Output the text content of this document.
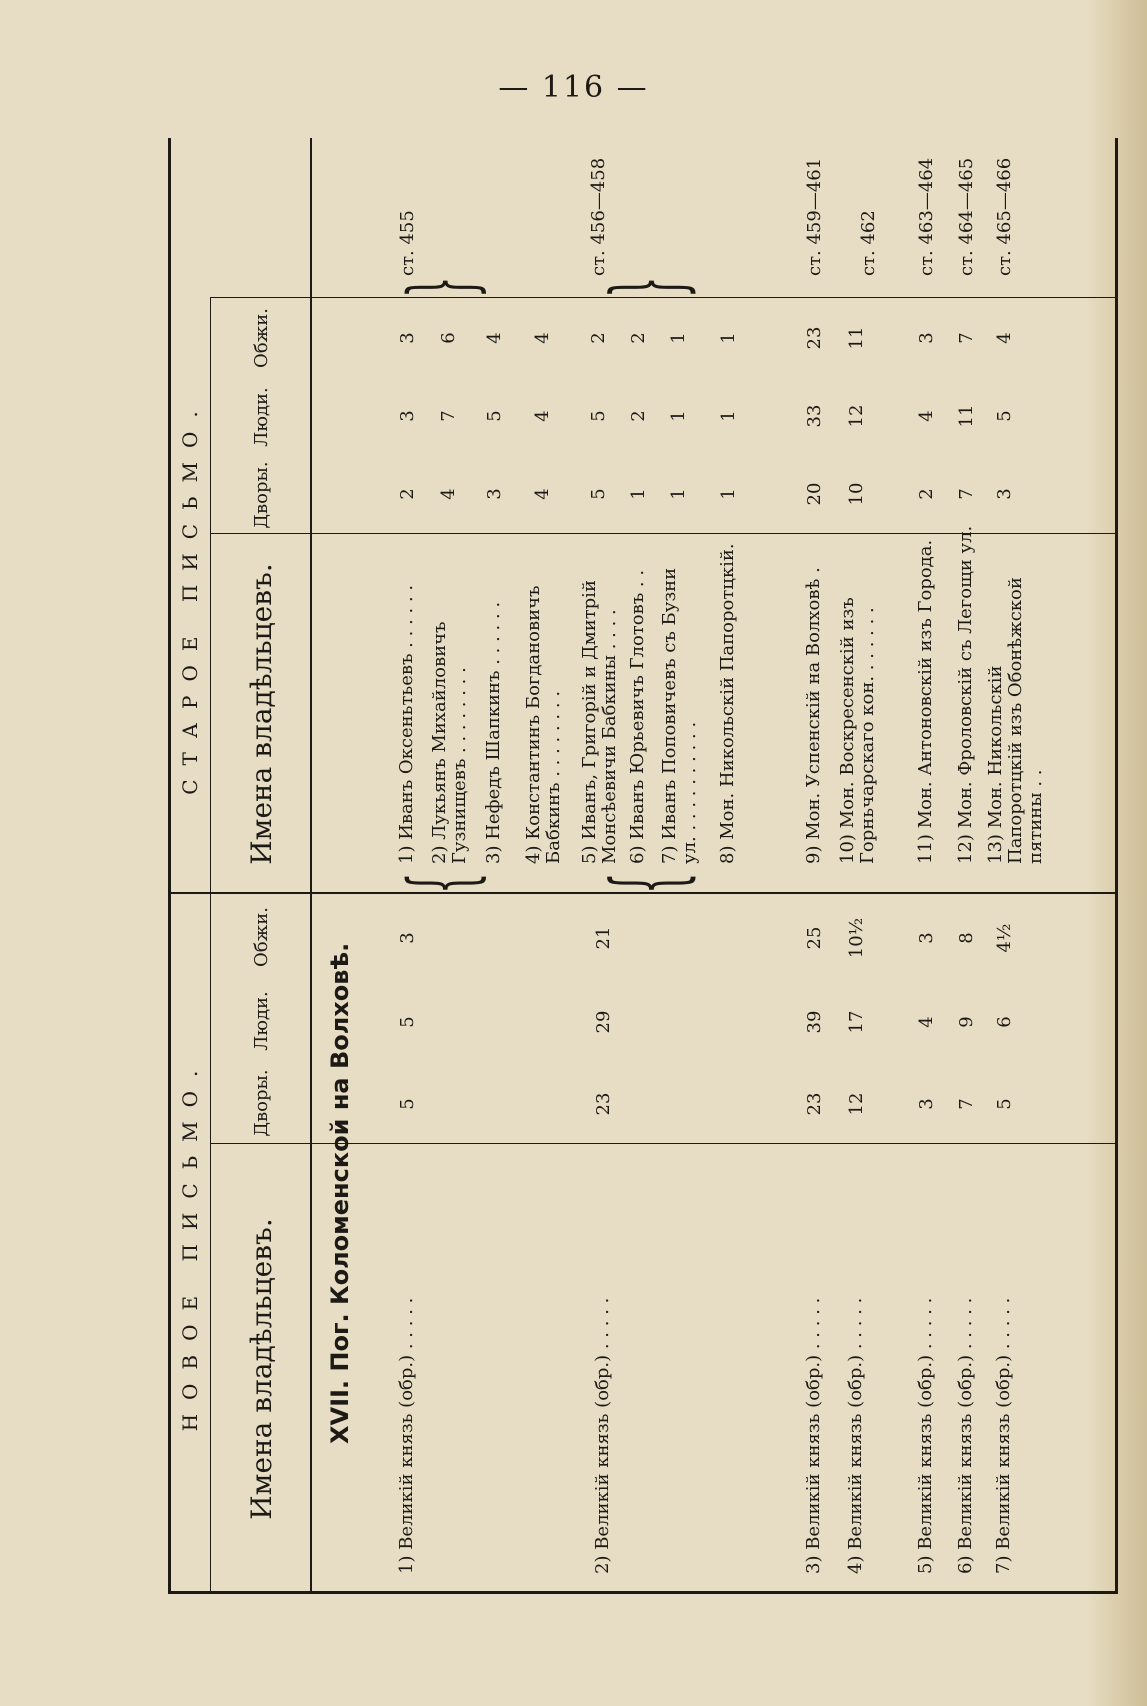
— 116 —
НОВОЕ ПИСЬМО.
СТАРОЕ ПИСЬМО.
Имена владѣльцевъ.
Дворы.
Люди.
Обжи.
Имена владѣльцевъ.
Дворы.
Люди.
Обжи.
XVII. Пог. Коломенской на Волховѣ.	1) Великій князь (обр.) . . . . .
5
5
3
2) Великій князь (обр.) . . . . .
23
29
21
3) Великій князь (обр.) . . . . .
23
39
25
4) Великій князь (обр.) . . . . .
12
17
10½
5) Великій князь (обр.) . . . . .
3
4
3
6) Великій князь (обр.) . . . . .
7
9
8
7) Великій князь (обр.) . . . . .
5
6
4½
{
}
{
}
1) Иванъ Оксеньтьевъ . . . . . .
2
3
3
ст. 455
2) Лукьянъ Михайловичъ Гузнищевъ . . . . . . . .
4
7
6
3) Нефедъ Шапкинъ . . . . . .
3
5
4
4) Константинъ Богдановичъ Бабкинъ . . . . . . . .
4
4
4
5) Иванъ, Григорій и Дмитрій Монсѣевичи Бабкины . . . .
5
5
2
ст. 456—458
6) Иванъ Юрьевичъ Глотовъ . .
1
2
2
7) Иванъ Поповичевъ съ Бузни ул. . . . . . . . . . .
1
1
1
8) Мон. Никольскій Папоротцкій.
1
1
1
9) Мон. Успенскій на Волховѣ .
20
33
23
ст. 459—461
10) Мон. Воскресенскій изъ Горньчарскаго кон. . . . . . .
10
12
11
ст. 462
11) Мон. Антоновскій изъ Города.
2
4
3
ст. 463—464
12) Мон. Фроловскій съ Легощи ул.
7
11
7
ст. 464—465
13) Мон. Никольскій Папоротцкій изъ Обонѣжской пятины . .
3
5
4
ст. 465—466
